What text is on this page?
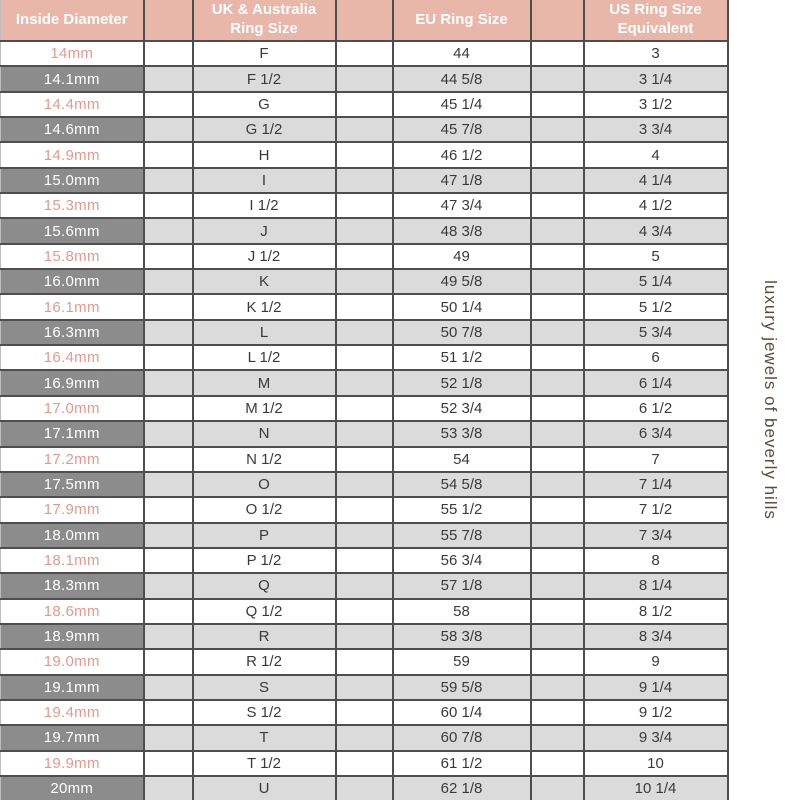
Inside Diameter		UK & Australia Ring Size		EU Ring Size		US Ring Size Equivalent
14mm		F		44		3
14.1mm		F 1/2		44 5/8		3 1/4
14.4mm		G		45 1/4		3 1/2
14.6mm		G 1/2		45 7/8		3 3/4
14.9mm		H		46 1/2		4
15.0mm		I		47 1/8		4 1/4
15.3mm		I 1/2		47 3/4		4 1/2
15.6mm		J		48 3/8		4 3/4
15.8mm		J 1/2		49		5
16.0mm		K		49 5/8		5 1/4
16.1mm		K 1/2		50 1/4		5 1/2
16.3mm		L		50 7/8		5 3/4
16.4mm		L 1/2		51 1/2		6
16.9mm		M		52 1/8		6 1/4
17.0mm		M 1/2		52 3/4		6 1/2
17.1mm		N		53 3/8		6 3/4
17.2mm		N 1/2		54		7
17.5mm		O		54 5/8		7 1/4
17.9mm		O 1/2		55 1/2		7 1/2
18.0mm		P		55 7/8		7 3/4
18.1mm		P 1/2		56 3/4		8
18.3mm		Q		57 1/8		8 1/4
18.6mm		Q 1/2		58		8 1/2
18.9mm		R		58 3/8		8 3/4
19.0mm		R 1/2		59		9
19.1mm		S		59 5/8		9 1/4
19.4mm		S 1/2		60 1/4		9 1/2
19.7mm		T		60 7/8		9 3/4
19.9mm		T 1/2		61 1/2		10
20mm		U		62 1/8		10 1/4
luxury jewels of beverly hills
